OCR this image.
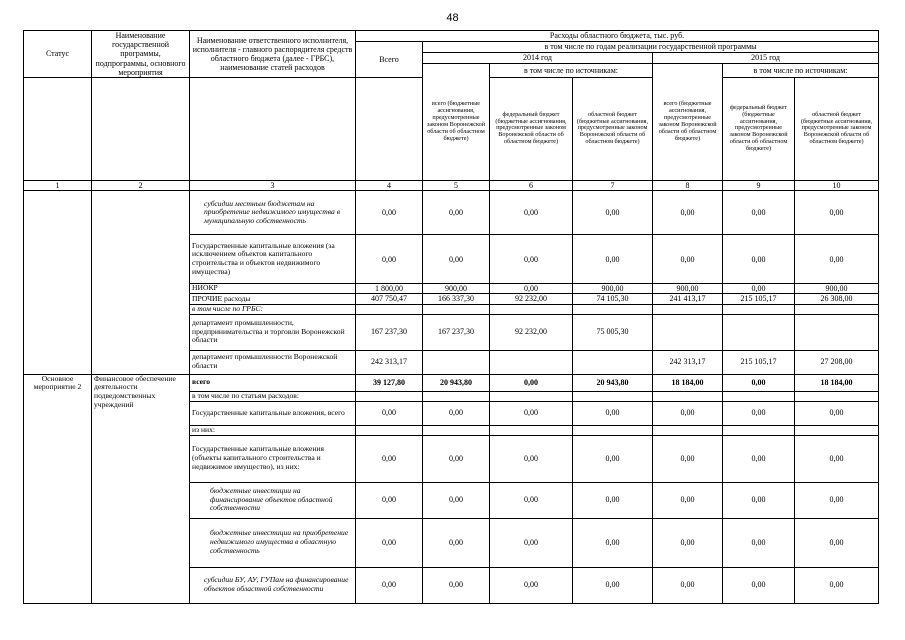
48
Статус	Наименование государственной программы, подпрограммы, основного мероприятия	Наименование ответственного исполнителя, исполнителя - главного распорядителя средств областного бюджета (далее - ГРБС), наименование статей расходов	Расходы областного бюджета, тыс. руб.						
			Всего	в том числе по годам реализации государственной программы					
				2014 год			2015 год		
				всего (бюджетные ассигнования, предусмотренные законом Воронежской области об областном бюджете)	в том числе по источникам:		всего (бюджетные ассигнования, предусмотренные законом Воронежской области об областном бюджете)	в том числе по источникам:	
					федеральный бюджет (бюджетные ассигнования, предусмотренные законом Воронежской области об областном бюджете)	областной бюджет (бюджетные ассигнования, предусмотренные законом Воронежской области об областном бюджете)		федеральный бюджет (бюджетные ассигнования, предусмотренные законом Воронежской области об областном бюджете)	областной бюджет (бюджетные ассигнования, предусмотренные законом Воронежской области об областном бюджете)
1	2	3	4	5	6	7	8	9	10
		субсидии местным бюджетам на приобретение недвижимого имущества в муниципальную собственность	0,00	0,00	0,00	0,00	0,00	0,00	0,00
		Государственные капитальные вложения (за исключением объектов капитального строительства и объектов недвижимого имущества)	0,00	0,00	0,00	0,00	0,00	0,00	0,00
		НИОКР	1 800,00	900,00	0,00	900,00	900,00	0,00	900,00
		ПРОЧИЕ расходы	407 750,47	166 337,30	92 232,00	74 105,30	241 413,17	215 105,17	26 308,00
		в том числе по ГРБС:							
		департамент промышленности, предпринимательства и торговли Воронежской области	167 237,30	167 237,30	92 232,00	75 005,30			
		департамент промышленности Воронежской области	242 313,17				242 313,17	215 105,17	27 208,00
Основное мероприятие 2	Финансовое обеспечение деятельности подведомственных учреждений	всего	39 127,80	20 943,80	0,00	20 943,80	18 184,00	0,00	18 184,00
		в том числе по статьям расходов:							
		Государственные капитальные вложения, всего	0,00	0,00	0,00	0,00	0,00	0,00	0,00
		из них:							
		Государственные капитальные вложения (объекты капитального строительства и недвижимое имущество), из них:	0,00	0,00	0,00	0,00	0,00	0,00	0,00
		бюджетные инвестиции на финансирование объектов областной собственности	0,00	0,00	0,00	0,00	0,00	0,00	0,00
		бюджетные инвестиции на приобретение недвижимого имущества в областную собственность	0,00	0,00	0,00	0,00	0,00	0,00	0,00
		субсидии БУ, АУ, ГУПам на финансирование объектов областной собственности	0,00	0,00	0,00	0,00	0,00	0,00	0,00
